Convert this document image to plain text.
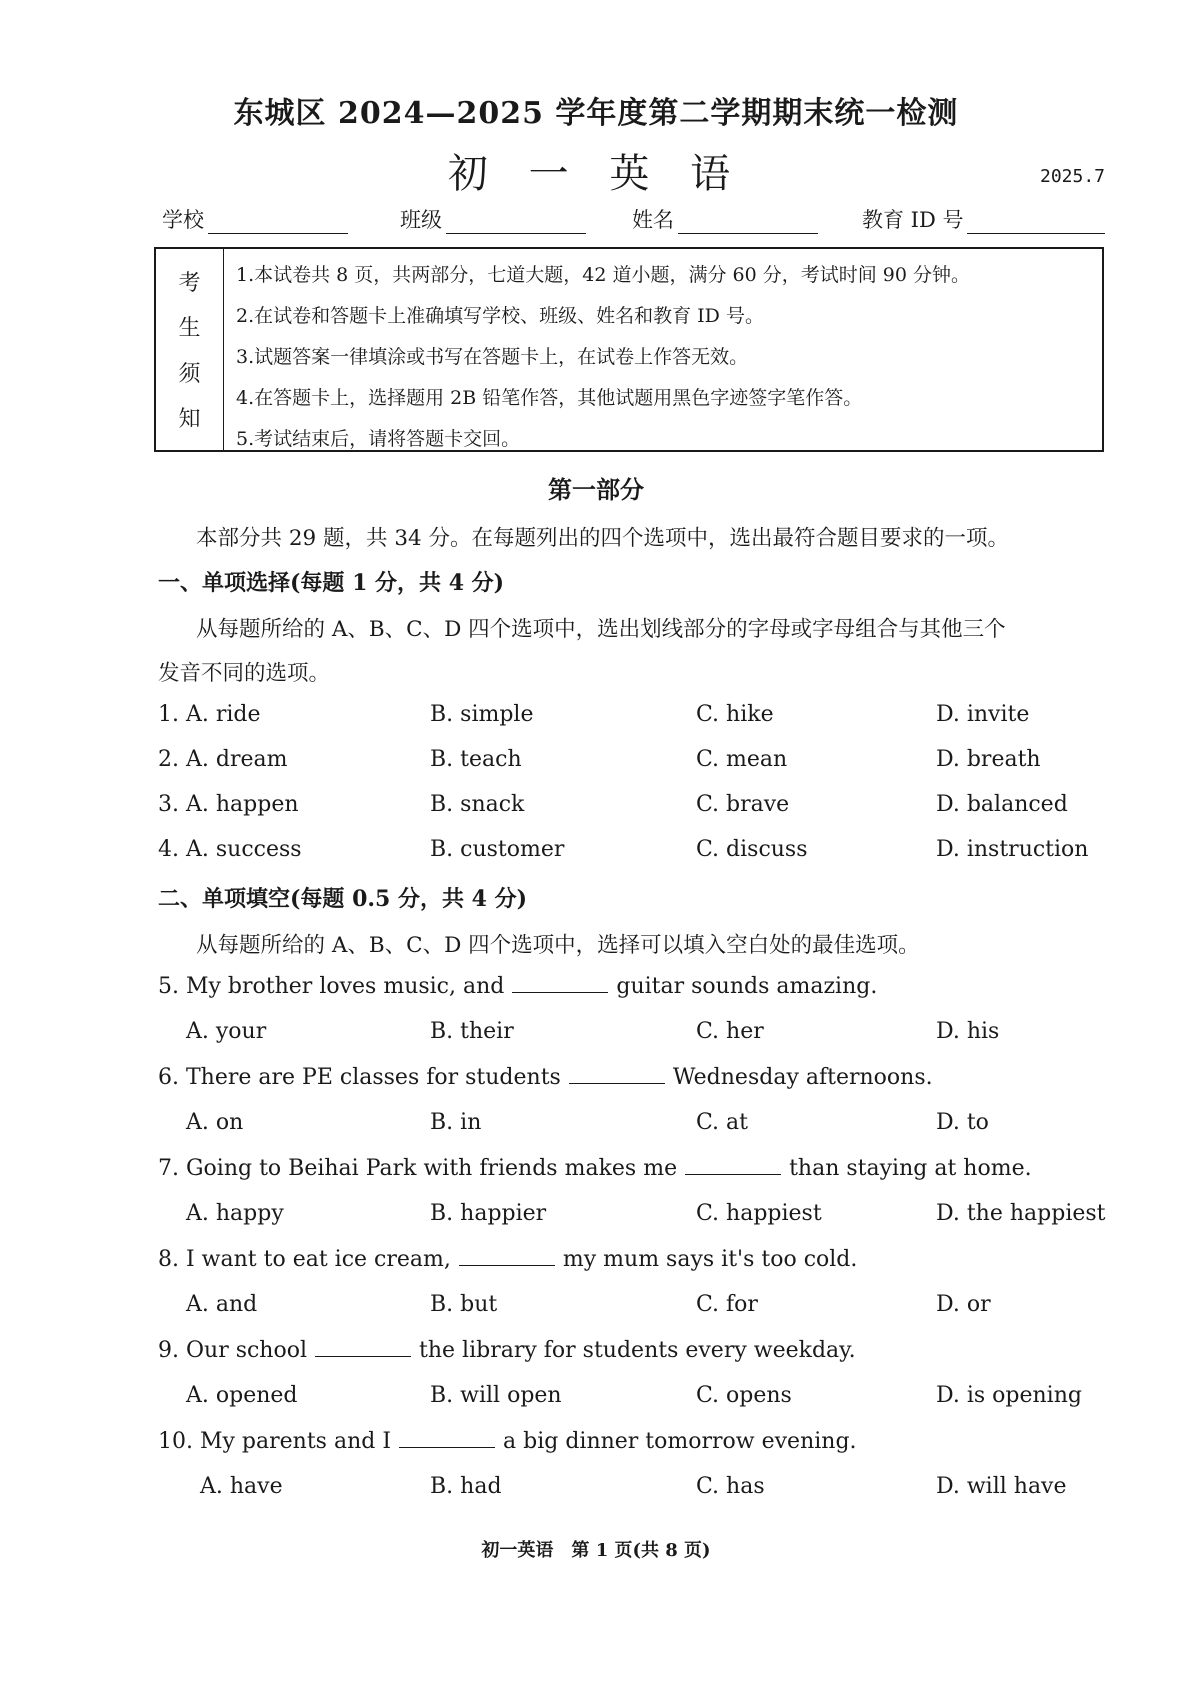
东城区 2024—2025 学年度第二学期期末统一检测
初 一 英 语	2025.7
学校	班级	姓名	教育 ID 号
考
生
须
知
1.本试卷共 8 页，共两部分，七道大题，42 道小题，满分 60 分，考试时间 90 分钟。
2.在试卷和答题卡上准确填写学校、班级、姓名和教育 ID 号。
3.试题答案一律填涂或书写在答题卡上，在试卷上作答无效。
4.在答题卡上，选择题用 2B 铅笔作答，其他试题用黑色字迹签字笔作答。
5.考试结束后，请将答题卡交回。
第一部分
本部分共 29 题，共 34 分。在每题列出的四个选项中，选出最符合题目要求的一项。
一、单项选择(每题 1 分，共 4 分)
从每题所给的 A、B、C、D 四个选项中，选出划线部分的字母或字母组合与其他三个
发音不同的选项。
1. A. ride	B. simple	C. hike	D. invite
2. A. dream	B. teach	C. mean	D. breath
3. A. happen	B. snack	C. brave	D. balanced
4. A. success	B. customer	C. discuss	D. instruction
二、单项填空(每题 0.5 分，共 4 分)
从每题所给的 A、B、C、D 四个选项中，选择可以填入空白处的最佳选项。
5. My brother loves music, and	guitar sounds amazing.
A. your	B. their	C. her	D. his
6. There are PE classes for students	Wednesday afternoons.
A. on	B. in	C. at	D. to
7. Going to Beihai Park with friends makes me	than staying at home.
A. happy	B. happier	C. happiest	D. the happiest
8. I want to eat ice cream,	my mum says it's too cold.
A. and	B. but	C. for	D. or
9. Our school	the library for students every weekday.
A. opened	B. will open	C. opens	D. is opening
10. My parents and I	a big dinner tomorrow evening.
A. have	B. had	C. has	D. will have
初一英语　第 1 页(共 8 页)
